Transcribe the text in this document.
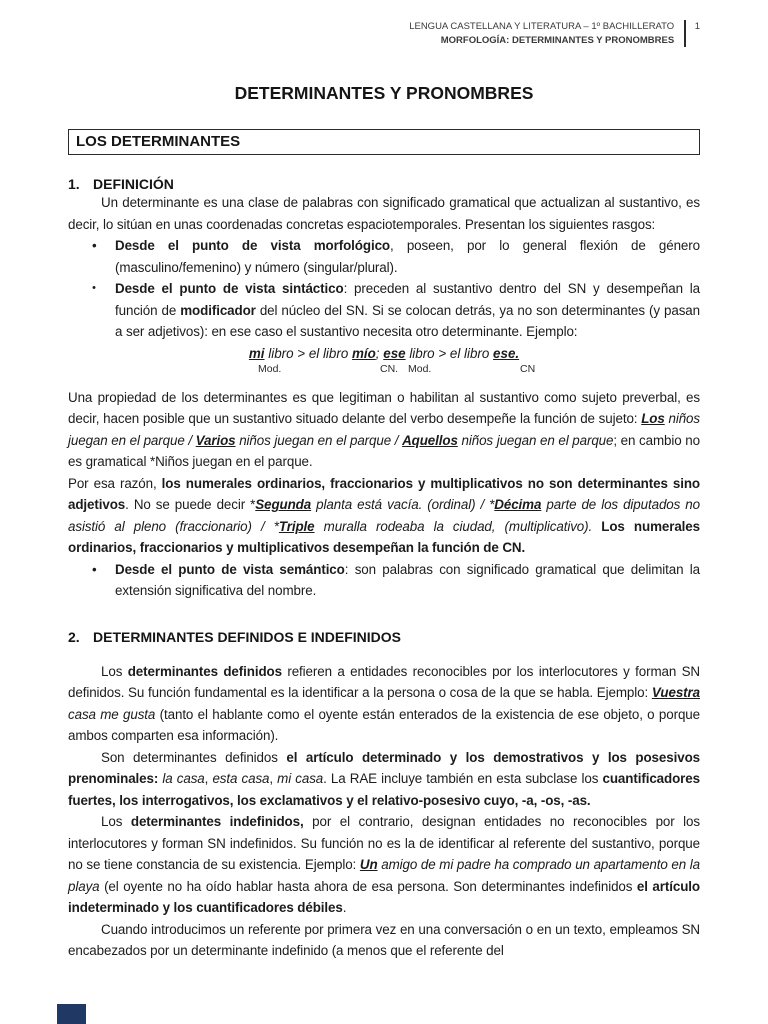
LENGUA CASTELLANA Y LITERATURA – 1º BACHILLERATO
MORFOLOGÍA: DETERMINANTES Y PRONOMBRES
1
DETERMINANTES Y PRONOMBRES
LOS DETERMINANTES
1. DEFINICIÓN

Un determinante es una clase de palabras con significado gramatical que actualizan al sustantivo, es decir, lo sitúan en unas coordenadas concretas espaciotemporales. Presentan los siguientes rasgos:

• Desde el punto de vista morfológico, poseen, por lo general flexión de género (masculino/femenino) y número (singular/plural).
• Desde el punto de vista sintáctico: preceden al sustantivo dentro del SN y desempeñan la función de modificador del núcleo del SN. Si se colocan detrás, ya no son determinantes (y pasan a ser adjetivos): en ese caso el sustantivo necesita otro determinante. Ejemplo:
mi libro > el libro mío; ese libro > el libro ese.
Mod.	CN. Mod.	CN

Una propiedad de los determinantes es que legitiman o habilitan al sustantivo como sujeto preverbal, es decir, hacen posible que un sustantivo situado delante del verbo desempeñe la función de sujeto: Los niños juegan en el parque / Varios niños juegan en el parque / Aquellos niños juegan en el parque; en cambio no es gramatical *Niños juegan en el parque.

Por esa razón, los numerales ordinarios, fraccionarios y multiplicativos no son determinantes sino adjetivos. No se puede decir *Segunda planta está vacía. (ordinal) / *Décima parte de los diputados no asistió al pleno (fraccionario) / *Triple muralla rodeaba la ciudad, (multiplicativo). Los numerales ordinarios, fraccionarios y multiplicativos desempeñan la función de CN.

• Desde el punto de vista semántico: son palabras con significado gramatical que delimitan la extensión significativa del nombre.
2. DETERMINANTES DEFINIDOS E INDEFINIDOS

Los determinantes definidos refieren a entidades reconocibles por los interlocutores y forman SN definidos. Su función fundamental es la identificar a la persona o cosa de la que se habla. Ejemplo: Vuestra casa me gusta (tanto el hablante como el oyente están enterados de la existencia de ese objeto, o porque ambos comparten esa información).

Son determinantes definidos el artículo determinado y los demostrativos y los posesivos prenominales: la casa, esta casa, mi casa. La RAE incluye también en esta subclase los cuantificadores fuertes, los interrogativos, los exclamativos y el relativo-posesivo cuyo, -a, -os, -as.

Los determinantes indefinidos, por el contrario, designan entidades no reconocibles por los interlocutores y forman SN indefinidos. Su función no es la de identificar al referente del sustantivo, porque no se tiene constancia de su existencia. Ejemplo: Un amigo de mi padre ha comprado un apartamento en la playa (el oyente no ha oído hablar hasta ahora de esa persona. Son determinantes indefinidos el artículo indeterminado y los cuantificadores débiles.

Cuando introducimos un referente por primera vez en una conversación o en un texto, empleamos SN encabezados por un determinante indefinido (a menos que el referente del
